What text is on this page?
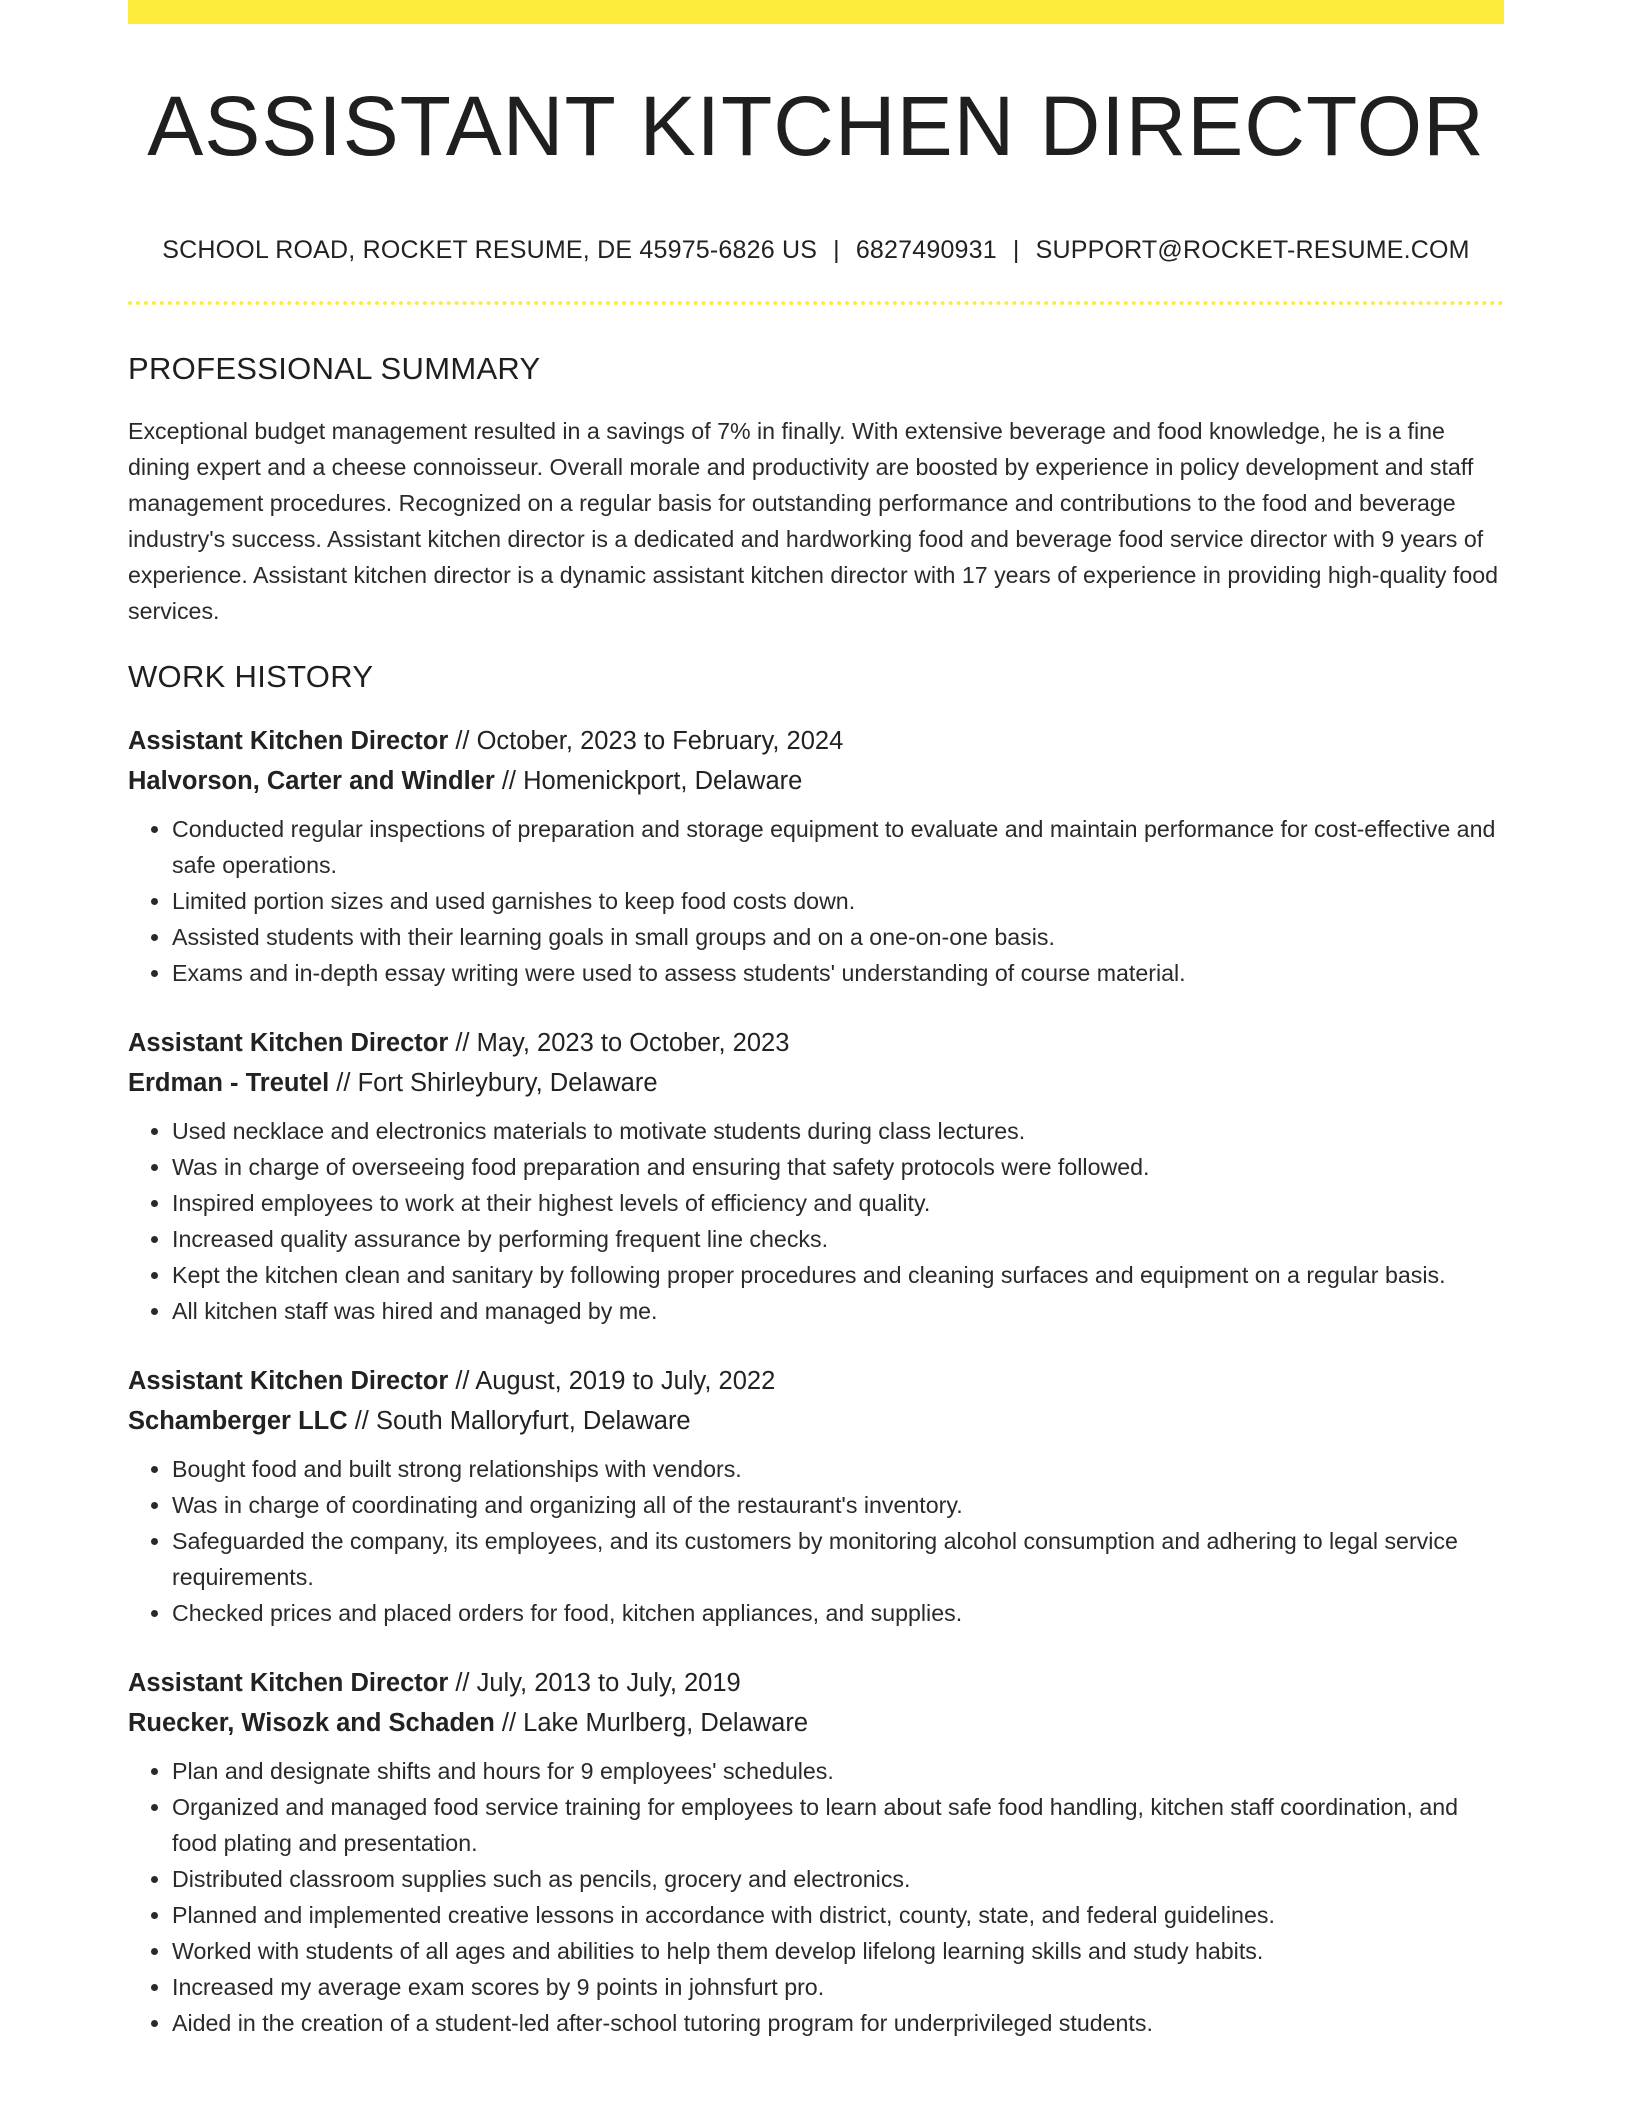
ASSISTANT KITCHEN DIRECTOR
SCHOOL ROAD, ROCKET RESUME, DE 45975-6826 US | 6827490931 | SUPPORT@ROCKET-RESUME.COM
PROFESSIONAL SUMMARY

Exceptional budget management resulted in a savings of 7% in finally. With extensive beverage and food knowledge, he is a fine dining expert and a cheese connoisseur. Overall morale and productivity are boosted by experience in policy development and staff management procedures. Recognized on a regular basis for outstanding performance and contributions to the food and beverage industry's success. Assistant kitchen director is a dedicated and hardworking food and beverage food service director with 9 years of experience. Assistant kitchen director is a dynamic assistant kitchen director with 17 years of experience in providing high-quality food services.

WORK HISTORY
Assistant Kitchen Director // October, 2023 to February, 2024
Halvorson, Carter and Windler // Homenickport, Delaware
• Conducted regular inspections of preparation and storage equipment to evaluate and maintain performance for cost-effective and safe operations.
• Limited portion sizes and used garnishes to keep food costs down.
• Assisted students with their learning goals in small groups and on a one-on-one basis.
• Exams and in-depth essay writing were used to assess students' understanding of course material.
Assistant Kitchen Director // May, 2023 to October, 2023
Erdman - Treutel // Fort Shirleybury, Delaware
• Used necklace and electronics materials to motivate students during class lectures.
• Was in charge of overseeing food preparation and ensuring that safety protocols were followed.
• Inspired employees to work at their highest levels of efficiency and quality.
• Increased quality assurance by performing frequent line checks.
• Kept the kitchen clean and sanitary by following proper procedures and cleaning surfaces and equipment on a regular basis.
• All kitchen staff was hired and managed by me.
Assistant Kitchen Director // August, 2019 to July, 2022
Schamberger LLC // South Malloryfurt, Delaware
• Bought food and built strong relationships with vendors.
• Was in charge of coordinating and organizing all of the restaurant's inventory.
• Safeguarded the company, its employees, and its customers by monitoring alcohol consumption and adhering to legal service requirements.
• Checked prices and placed orders for food, kitchen appliances, and supplies.
Assistant Kitchen Director // July, 2013 to July, 2019
Ruecker, Wisozk and Schaden // Lake Murlberg, Delaware
• Plan and designate shifts and hours for 9 employees' schedules.
• Organized and managed food service training for employees to learn about safe food handling, kitchen staff coordination, and food plating and presentation.
• Distributed classroom supplies such as pencils, grocery and electronics.
• Planned and implemented creative lessons in accordance with district, county, state, and federal guidelines.
• Worked with students of all ages and abilities to help them develop lifelong learning skills and study habits.
• Increased my average exam scores by 9 points in johnsfurt pro.
• Aided in the creation of a student-led after-school tutoring program for underprivileged students.
